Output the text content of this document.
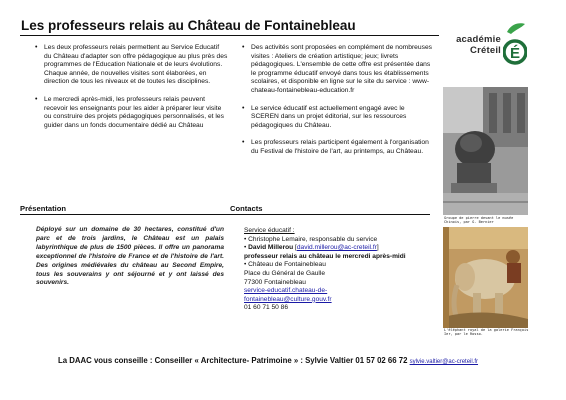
Les professeurs relais au Château de Fontainebleau
académie
Créteil É
• Les deux professeurs relais permettent au Service Educatif du Château d'adapter son offre pédagogique au plus près des programmes de l'Education Nationale et de leurs évolutions. Chaque année, de nouvelles visites sont élaborées, en direction de tous les niveaux et de toutes les disciplines.
• Le mercredi après-midi, les professeurs relais peuvent recevoir les enseignants pour les aider à préparer leur visite ou construire des projets pédagogiques personnalisés, et les guider dans un fonds documentaire dédié au Château
• Des activités sont proposées en complément de nombreuses visites : Ateliers de création artistique; jeux; livrets pédagogiques. L'ensemble de cette offre est présentée dans le programme éducatif envoyé dans tous les établissements scolaires, et disponible en ligne sur le site du service : www-chateau-fontainebleau-education.fr
• Le service éducatif est actuellement engagé avec le SCEREN dans un projet éditorial, sur les ressources pédagogiques du Château.
• Les professeurs relais participent également à l'organisation du Festival de l'histoire de l'art, au printemps, au Château.
Groupe de pierre devant le musée Chinois, par G. Bernier
L'éléphant royal de la galerie François Ier, par le Rosso.
Présentation	Contacts
Déployé sur un domaine de 30 hectares, constitué d'un parc et de trois jardins, le Château est un palais labyrinthique de plus de 1500 pièces. Il offre un panorama exceptionnel de l'histoire de France et de l'histoire de l'art. Des origines médiévales du château au Second Empire, tous les souverains y ont séjourné et y ont laissé des souvenirs.
Service éducatif :
• Christophe Lemaire, responsable du service
• David Millerou [david.millerou@ac-creteil.fr]
professeur relais au château le mercredi après-midi
• Château de Fontainebleau
Place du Général de Gaulle
77300 Fontainebleau
service-educatif.chateau-de-
fontainebleau@culture.gouv.fr
01 60 71 50 86
La DAAC vous conseille : Conseiller « Architecture- Patrimoine » : Sylvie Valtier 01 57 02 66 72 sylvie.valtier@ac-creteil.fr
